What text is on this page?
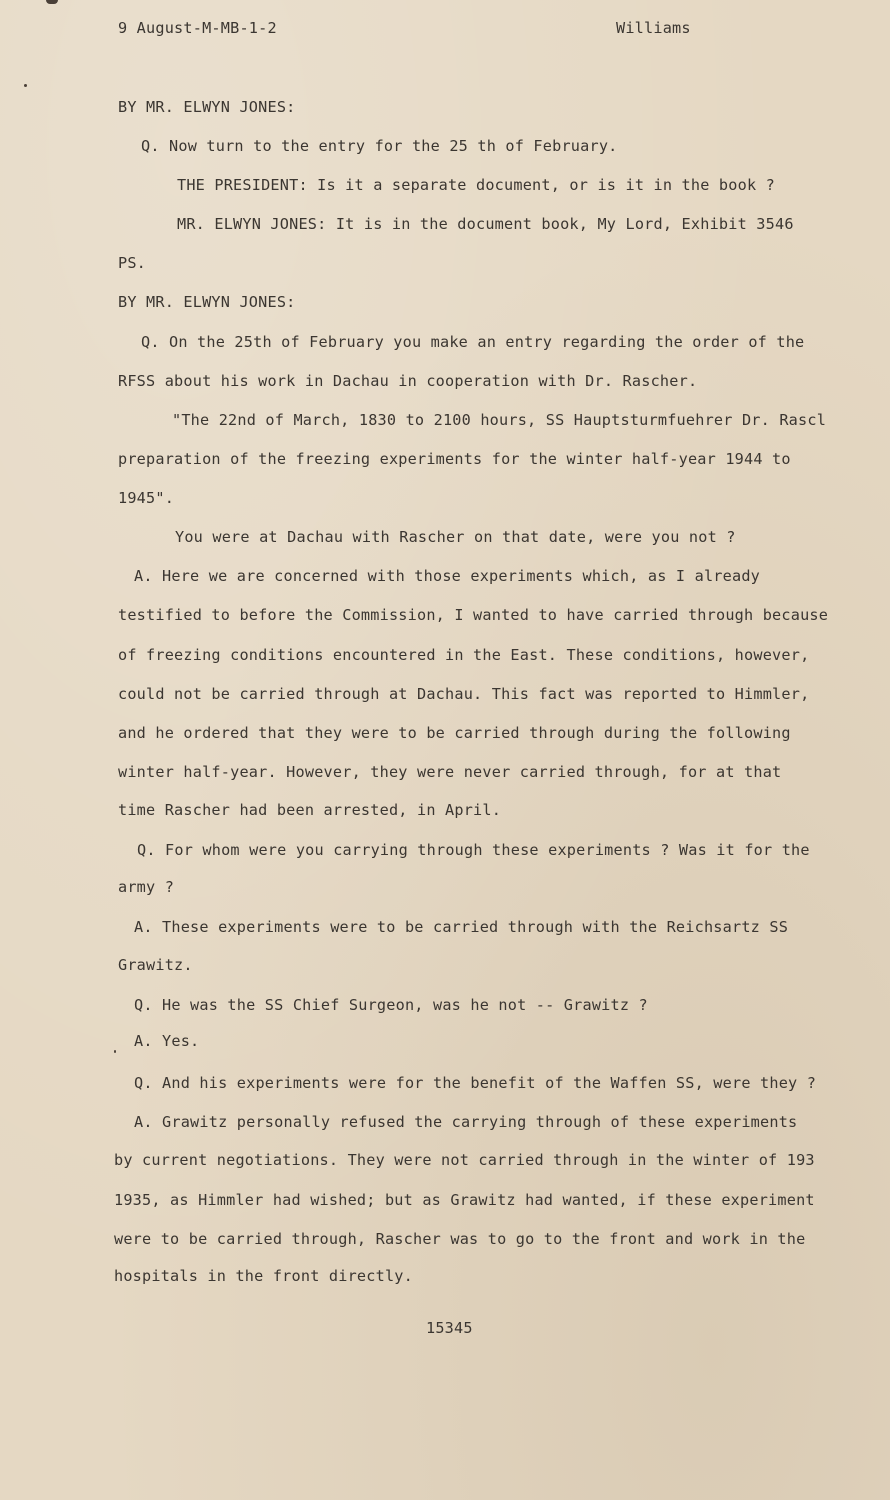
9 August-M-MB-1-2	Williams
BY MR. ELWYN JONES:
Q. Now turn to the entry for the 25 th of February.
THE PRESIDENT: Is it a separate document, or is it in the book ?
MR. ELWYN JONES: It is in the document book, My Lord, Exhibit 3546
PS.
BY MR. ELWYN JONES:
Q. On the 25th of February you make an entry regarding the order of the
RFSS about his work in Dachau in cooperation with Dr. Rascher.
"The 22nd of March, 1830 to 2100 hours, SS Hauptsturmfuehrer Dr. Rascl
preparation of the freezing experiments for the winter half-year 1944 to
1945".
You were at Dachau with Rascher on that date, were you not ?
A. Here we are concerned with those experiments which, as I already
testified to before the Commission, I wanted to have carried through because
of freezing conditions encountered in the East. These conditions, however,
could not be carried through at Dachau. This fact was reported to Himmler,
and he ordered that they were to be carried through during the following
winter half-year. However, they were never carried through, for at that
time Rascher had been arrested, in April.
Q. For whom were you carrying through these experiments ? Was it for the
army ?
A. These experiments were to be carried through with the Reichsartz SS
Grawitz.
Q. He was the SS Chief Surgeon, was he not -- Grawitz ?
A. Yes.
Q. And his experiments were for the benefit of the Waffen SS, were they ?
A. Grawitz personally refused the carrying through of these experiments
by current negotiations. They were not carried through in the winter of 193
1935, as Himmler had wished; but as Grawitz had wanted, if these experiment
were to be carried through, Rascher was to go to the front and work in the
hospitals in the front directly.
15345
